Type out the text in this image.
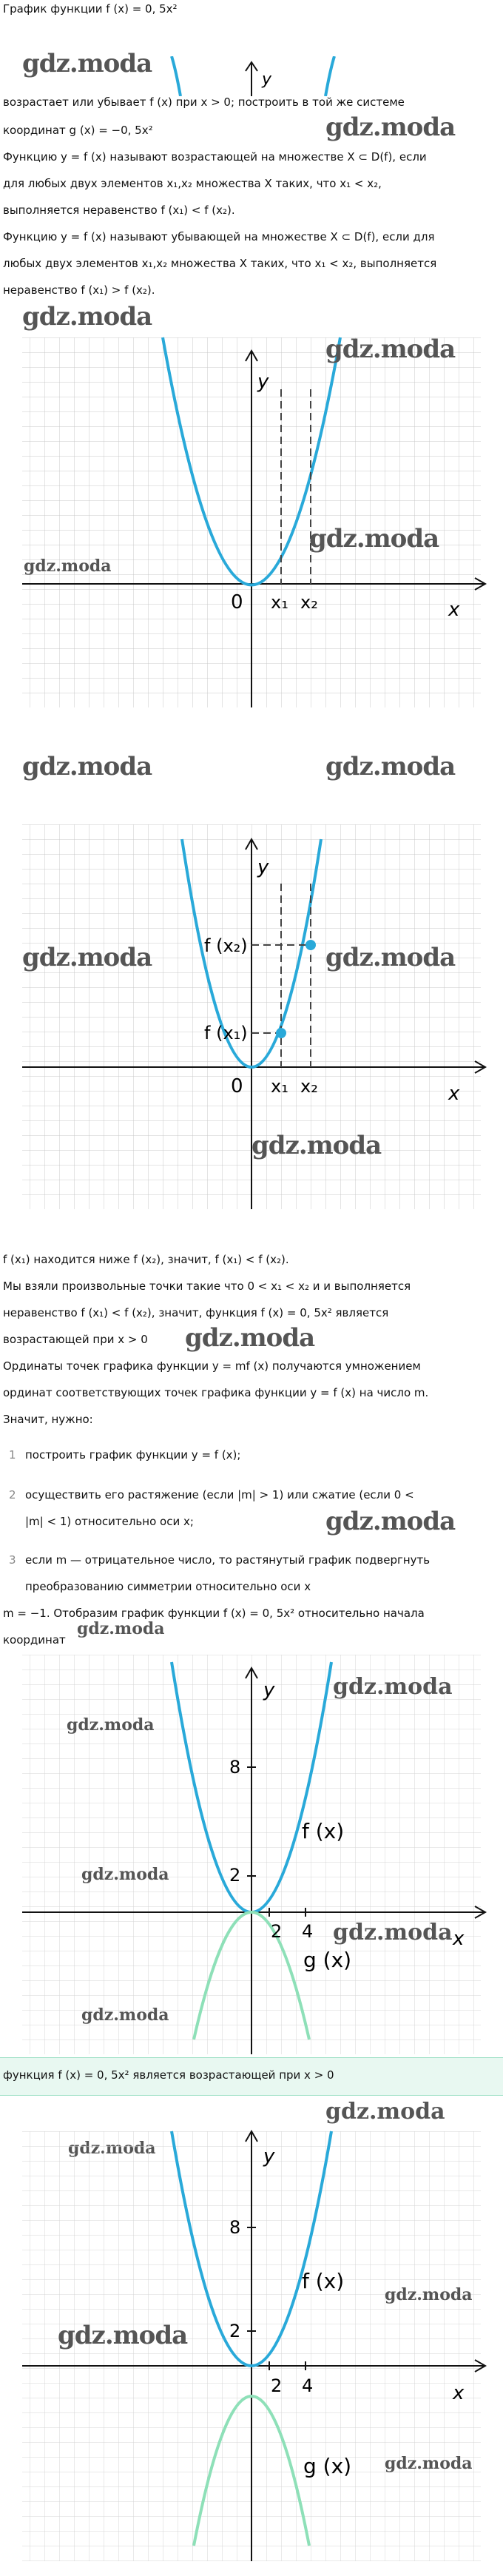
График функции f (x) = 0, 5x²
gdz.moda
y
возрастает или убывает f (x) при x > 0; построить в той же системе
gdz.moda
координат g (x) = −0, 5x²
Функцию y = f (x) называют возрастающей на множестве X ⊂ D(f), если
для любых двух элементов x₁,x₂ множества X таких, что x₁ < x₂,
выполняется неравенство f (x₁) < f (x₂).
Функцию y = f (x) называют убывающей на множестве X ⊂ D(f), если для
любых двух элементов x₁,x₂ множества X таких, что x₁ < x₂, выполняется
неравенство f (x₁) > f (x₂).
gdz.moda
y
x
0 x₁ x₂
gdz.moda
gdz.moda
gdz.moda
gdz.moda	gdz.moda
y
x
0 x₁ x₂
f (x₂)
f (x₁)
gdz.moda	gdz.moda
gdz.moda
f (x₁) находится ниже f (x₂), значит, f (x₁) < f (x₂).
Мы взяли произвольные точки такие что 0 < x₁ < x₂ и и выполняется
неравенство f (x₁) < f (x₂), значит, функция f (x) = 0, 5x² является
возрастающей при x > 0 gdz.moda
Ординаты точек графика функции y = mf (x) получаются умножением
ординат соответствующих точек графика функции y = f (x) на число m.
Значит, нужно:
1 построить график функции y = f (x);
2 осуществить его растяжение (если |m| > 1) или сжатие (если 0 <
|m| < 1) относительно оси x;	gdz.moda
3 если m — отрицательное число, то растянутый график подвергнуть
преобразованию симметрии относительно оси x
m = −1. Отобразим график функции f (x) = 0, 5x² относительно начала
координат
gdz.moda
y
x
8
2
2 4
f (x)
g (x)
gdz.moda
gdz.moda
gdz.moda
gdz.moda
gdz.moda
функция f (x) = 0, 5x² является возрастающей при x > 0
gdz.moda
y
x
8
2
2 4
f (x)
g (x)
gdz.moda
gdz.moda
gdz.moda
